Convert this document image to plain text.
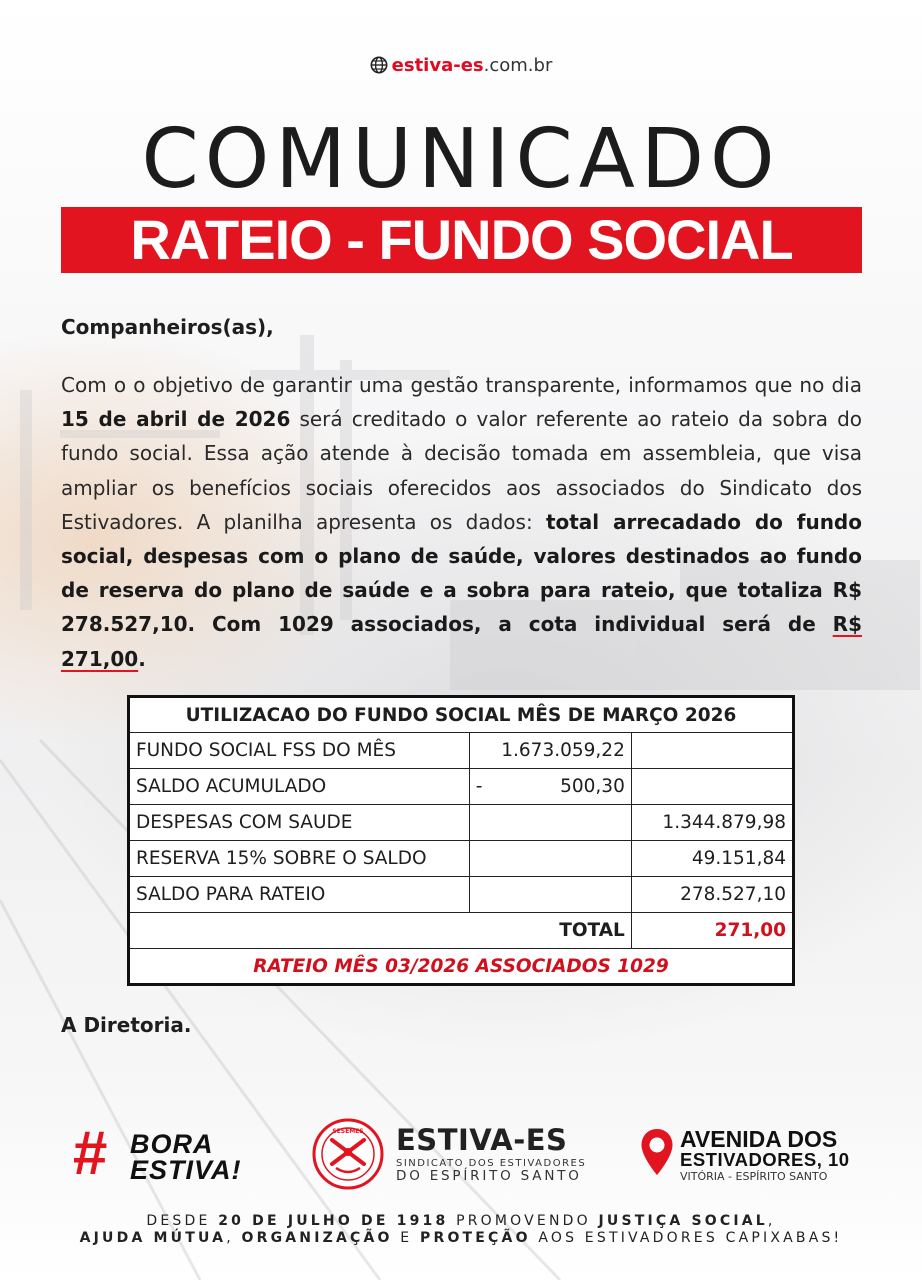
estiva-es.com.br
COMUNICADO
RATEIO - FUNDO SOCIAL
Companheiros(as),
Com o o objetivo de garantir uma gestão transparente, informamos que no dia 15 de abril de 2026 será creditado o valor referente ao rateio da sobra do fundo social. Essa ação atende à decisão tomada em assembleia, que visa ampliar os benefícios sociais oferecidos aos associados do Sindicato dos Estivadores. A planilha apresenta os dados: total arrecadado do fundo social, despesas com o plano de saúde, valores destinados ao fundo de reserva do plano de saúde e a sobra para rateio, que totaliza R$ 278.527,10. Com 1029 associados, a cota individual será de R$ 271,00.
UTILIZACAO DO FUNDO SOCIAL MÊS DE MARÇO 2026		
FUNDO SOCIAL FSS DO MÊS	1.673.059,22	
SALDO ACUMULADO	- 500,30	
DESPESAS COM SAUDE		1.344.879,98
RESERVA 15% SOBRE O SALDO		49.151,84
SALDO PARA RATEIO		278.527,10
TOTAL		271,00
RATEIO MÊS 03/2026 ASSOCIADOS 1029		
A Diretoria.
# BORA
ESTIVA!
SESEMES ESTIVA-ES
SINDICATO DOS ESTIVADORES
DO ESPÍRITO SANTO
AVENIDA DOS
ESTIVADORES, 10
VITÓRIA - ESPÍRITO SANTO
DESDE 20 DE JULHO DE 1918 PROMOVENDO JUSTIÇA SOCIAL,
AJUDA MÚTUA, ORGANIZAÇÃO E PROTEÇÃO AOS ESTIVADORES CAPIXABAS!
